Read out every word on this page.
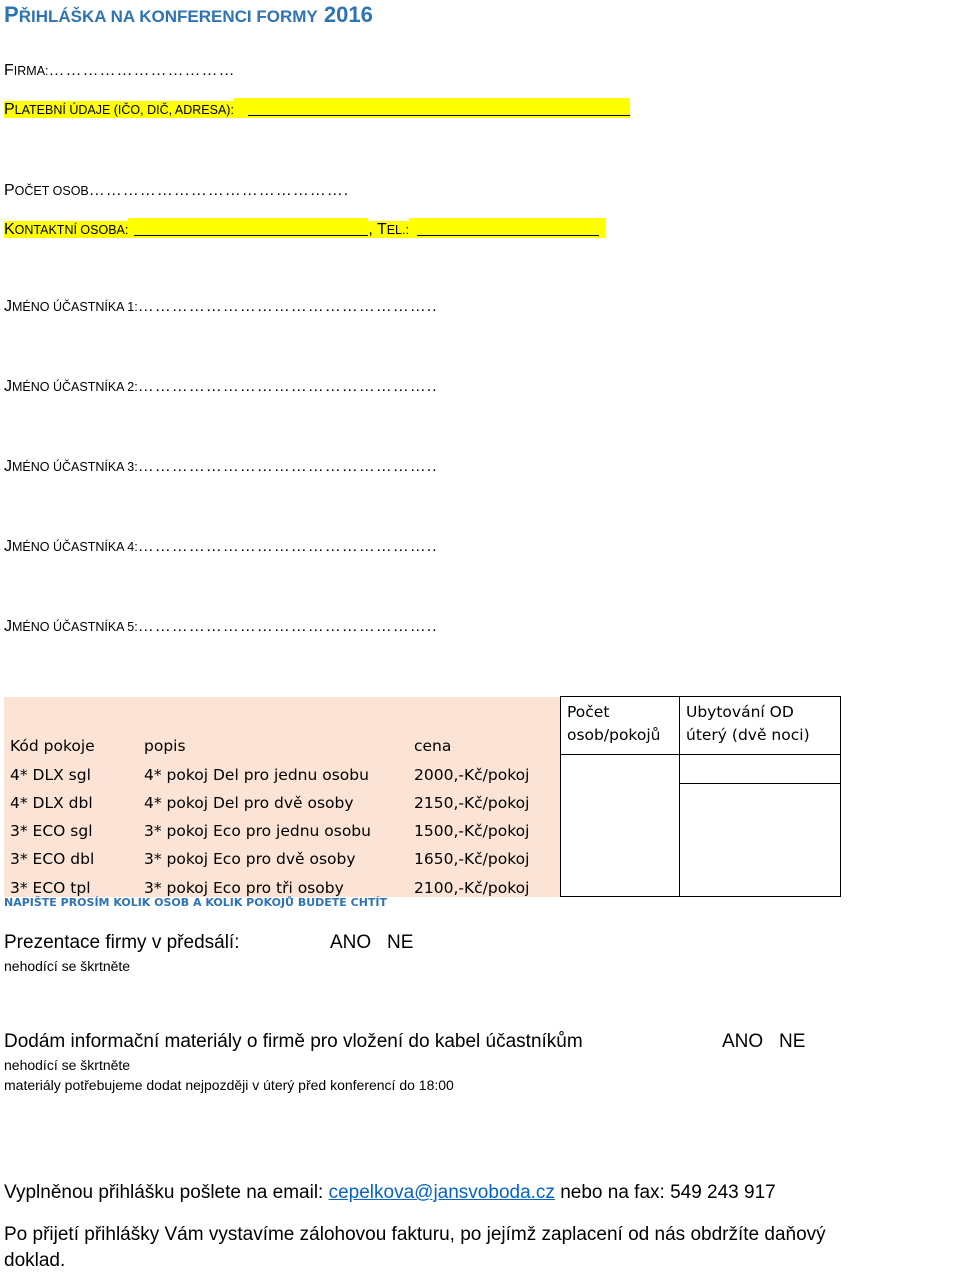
PŘIHLÁŠKA NA KONFERENCI FORMY 2016
FIRMA:……………………………
PLATEBNÍ ÚDAJE (IČO, DIČ, ADRESA):
POČET OSOB……………………………………….
KONTAKTNÍ OSOBA:	, TEL.:
JMÉNO ÚČASTNÍKA 1:……………………………………………..
JMÉNO ÚČASTNÍKA 2:……………………………………………..
JMÉNO ÚČASTNÍKA 3:……………………………………………..
JMÉNO ÚČASTNÍKA 4:……………………………………………..
JMÉNO ÚČASTNÍKA 5:……………………………………………..
Kód pokoje	popis	cena	Počet
osob/pokojů	Ubytování OD
úterý (dvě noci)
4* DLX sgl	4* pokoj Del pro jednu osobu	2000,-Kč/pokoj		
4* DLX dbl	4* pokoj Del pro dvě osoby	2150,-Kč/pokoj		
3* ECO sgl	3* pokoj Eco pro jednu osobu	1500,-Kč/pokoj		
3* ECO dbl	3* pokoj Eco pro dvě osoby	1650,-Kč/pokoj		
3* ECO tpl	3* pokoj Eco pro tři osoby	2100,-Kč/pokoj		
NAPIŠTE PROSÍM KOLIK OSOB A KOLIK POKOJŮ BUDETE CHTÍT
Prezentace firmy v předsálí:	ANO NE
nehodící se škrtněte
Dodám informační materiály o firmě pro vložení do kabel účastníkům	ANO NE
nehodící se škrtněte
materiály potřebujeme dodat nejpozději v úterý před konferencí do 18:00
Vyplněnou přihlášku pošlete na email: cepelkova@jansvoboda.cz nebo na fax: 549 243 917
Po přijetí přihlášky Vám vystavíme zálohovou fakturu, po jejímž zaplacení od nás obdržíte daňový
doklad.
